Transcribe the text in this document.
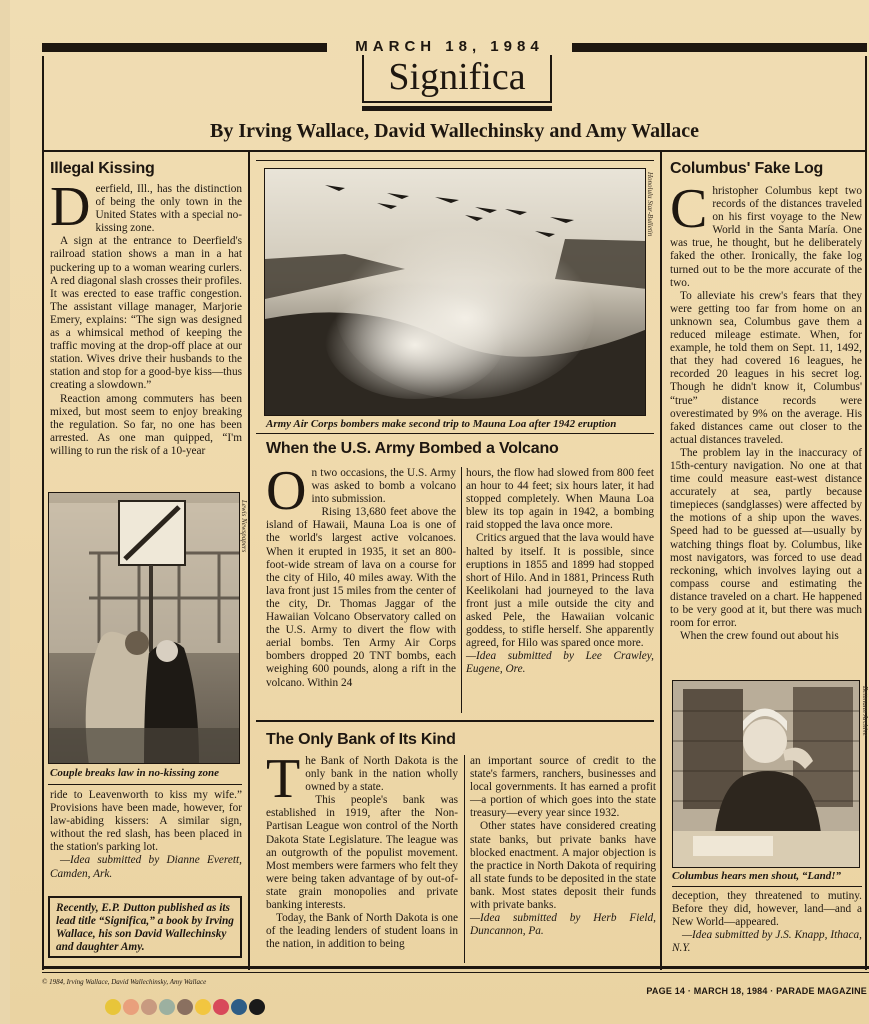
MARCH 18, 1984
Significa
By Irving Wallace, David Wallechinsky and Amy Wallace
Illegal Kissing

Deerfield, Ill., has the distinction of being the only town in the United States with a special no-kissing zone.

A sign at the entrance to Deerfield's railroad station shows a man in a hat puckering up to a woman wearing curlers. A red diagonal slash crosses their profiles. It was erected to ease traffic congestion. The assistant village manager, Marjorie Emery, explains: “The sign was designed as a whimsical method of keeping the traffic moving at the drop-off place at our station. Wives drive their husbands to the station and stop for a good-bye kiss—thus creating a slowdown.”

Reaction among commuters has been mixed, but most seem to enjoy breaking the regulation. So far, no one has been arrested. As one man quipped, “I'm willing to run the risk of a 10-year

Lewis Newspapers
Couple breaks law in no-kissing zone

ride to Leavenworth to kiss my wife.” Provisions have been made, however, for law-abiding kissers: A similar sign, without the red slash, has been placed in the station's parking lot.

—Idea submitted by Dianne Everett, Camden, Ark.

Recently, E.P. Dutton published as its lead title “Significa,” a book by Irving Wallace, his son David Wallechinsky and daughter Amy.
Honolulu Star-Bulletin
Army Air Corps bombers make second trip to Mauna Loa after 1942 eruption
When the U.S. Army Bombed a Volcano

On two occasions, the U.S. Army was asked to bomb a volcano into submission.

Rising 13,680 feet above the island of Hawaii, Mauna Loa is one of the world's largest active volcanoes. When it erupted in 1935, it set an 800-foot-wide stream of lava on a course for the city of Hilo, 40 miles away. With the lava front just 15 miles from the center of the city, Dr. Thomas Jaggar of the Hawaiian Volcano Observatory called on the U.S. Army to divert the flow with aerial bombs. Ten Army Air Corps bombers dropped 20 TNT bombs, each weighing 600 pounds, along a rift in the volcano. Within 24

hours, the flow had slowed from 800 feet an hour to 44 feet; six hours later, it had stopped completely. When Mauna Loa blew its top again in 1942, a bombing raid stopped the lava once more.

Critics argued that the lava would have halted by itself. It is possible, since eruptions in 1855 and 1899 had stopped short of Hilo. And in 1881, Princess Ruth Keelikolani had journeyed to the lava front just a mile outside the city and asked Pele, the Hawaiian volcanic goddess, to stifle herself. She apparently agreed, for Hilo was spared once more.

—Idea submitted by Lee Crawley, Eugene, Ore.

The Only Bank of Its Kind

The Bank of North Dakota is the only bank in the nation wholly owned by a state.

This people's bank was established in 1919, after the Non-Partisan League won control of the North Dakota State Legislature. The league was an outgrowth of the populist movement. Most members were farmers who felt they were being taken advantage of by out-of-state grain monopolies and private banking interests.

Today, the Bank of North Dakota is one of the leading lenders of student loans in the nation, in addition to being

an important source of credit to the state's farmers, ranchers, businesses and local governments. It has earned a profit—a portion of which goes into the state treasury—every year since 1932.

Other states have considered creating state banks, but private banks have blocked enactment. A major objection is the practice in North Dakota of requiring all state funds to be deposited in the state bank. Most states deposit their funds with private banks.

—Idea submitted by Herb Field, Duncannon, Pa.

Columbus' Fake Log

Christopher Columbus kept two records of the distances traveled on his first voyage to the New World in the Santa María. One was true, he thought, but he deliberately faked the other. Ironically, the fake log turned out to be the more accurate of the two.

To alleviate his crew's fears that they were getting too far from home on an unknown sea, Columbus gave them a reduced mileage estimate. When, for example, he told them on Sept. 11, 1492, that they had covered 16 leagues, he recorded 20 leagues in his secret log. Though he didn't know it, Columbus' “true” distance records were overestimated by 9% on the average. His faked distances came out closer to the actual distances traveled.

The problem lay in the inaccuracy of 15th-century navigation. No one at that time could measure east-west distance accurately at sea, partly because timepieces (sandglasses) were affected by the motions of a ship upon the waves. Speed had to be guessed at—usually by watching things float by. Columbus, like most navigators, was forced to use dead reckoning, which involves laying out a compass course and estimating the distance traveled on a chart. He happened to be very good at it, but there was much room for error.

When the crew found out about his

Bettmann Archive
Columbus hears men shout, “Land!”

deception, they threatened to mutiny. Before they did, however, land—and a New World—appeared.

—Idea submitted by J.S. Knapp, Ithaca, N.Y.

© 1984, Irving Wallace, David Wallechinsky, Amy Wallace
PAGE 14 · MARCH 18, 1984 · PARADE MAGAZINE
